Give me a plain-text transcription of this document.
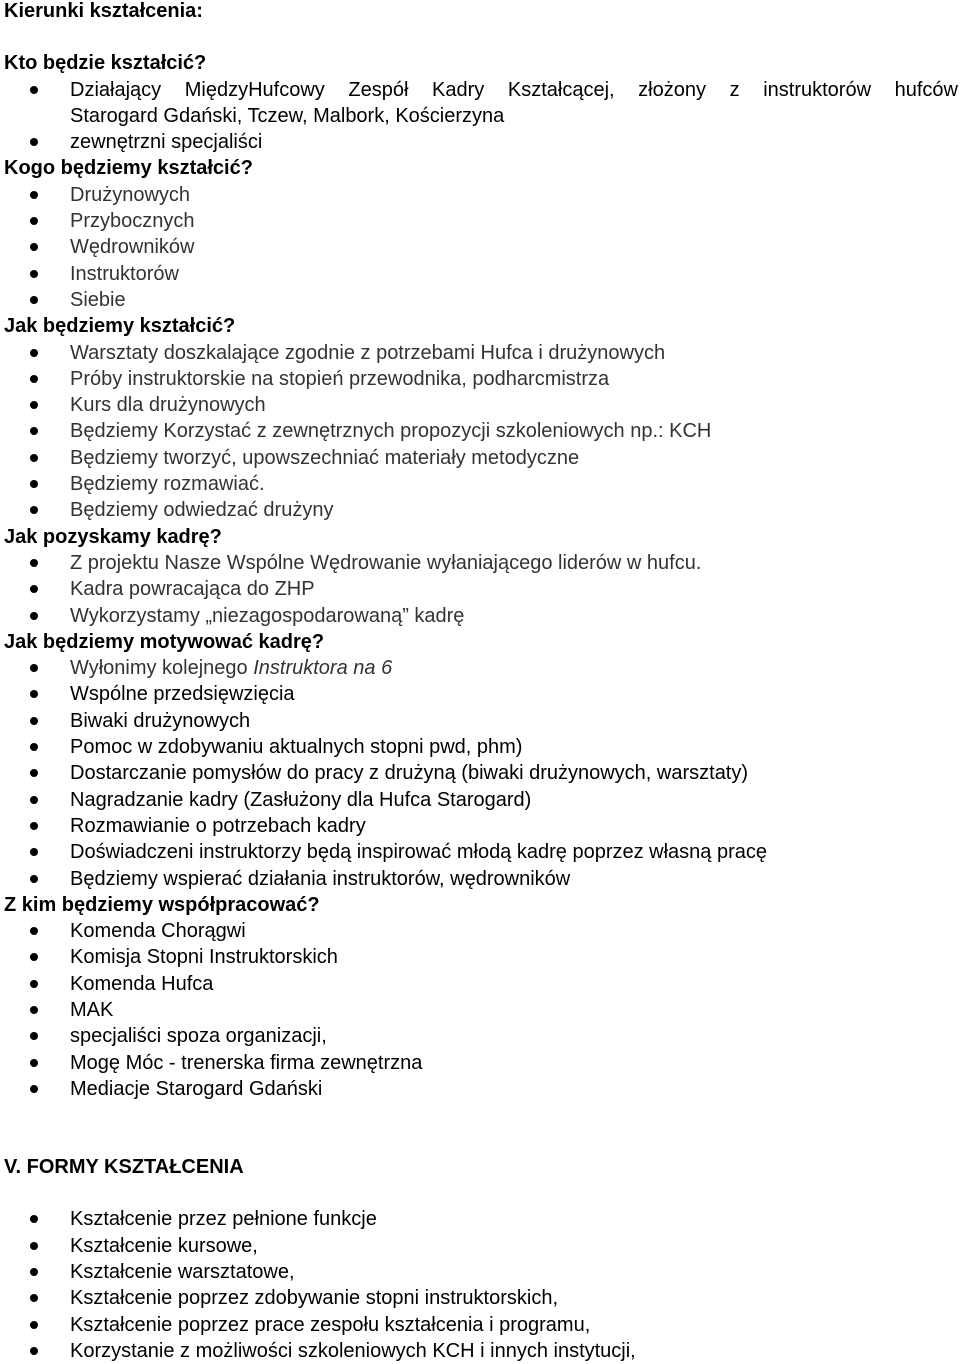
Kierunki kształcenia:

Kto będzie kształcić?

Działający MiędzyHufcowy Zespół Kadry Kształcącej, złożony z instruktorów hufców
Starogard Gdański, Tczew, Malbork, Kościerzyna
zewnętrzni specjaliści

Kogo będziemy kształcić?

Drużynowych
Przybocznych
Wędrowników
Instruktorów
Siebie

Jak będziemy kształcić?

Warsztaty doszkalające zgodnie z potrzebami Hufca i drużynowych
Próby instruktorskie na stopień przewodnika, podharcmistrza
Kurs dla drużynowych
Będziemy Korzystać z zewnętrznych propozycji szkoleniowych np.: KCH
Będziemy tworzyć, upowszechniać materiały metodyczne
Będziemy rozmawiać.
Będziemy odwiedzać drużyny

Jak pozyskamy kadrę?

Z projektu Nasze Wspólne Wędrowanie wyłaniającego liderów w hufcu.
Kadra powracająca do ZHP
Wykorzystamy „niezagospodarowaną” kadrę

Jak będziemy motywować kadrę?

Wyłonimy kolejnego Instruktora na 6
Wspólne przedsięwzięcia
Biwaki drużynowych
Pomoc w zdobywaniu aktualnych stopni pwd, phm)
Dostarczanie pomysłów do pracy z drużyną (biwaki drużynowych, warsztaty)
Nagradzanie kadry (Zasłużony dla Hufca Starogard)
Rozmawianie o potrzebach kadry
Doświadczeni instruktorzy będą inspirować młodą kadrę poprzez własną pracę
Będziemy wspierać działania instruktorów, wędrowników

Z kim będziemy współpracować?

Komenda Chorągwi
Komisja Stopni Instruktorskich
Komenda Hufca
MAK
specjaliści spoza organizacji,
Mogę Móc - trenerska firma zewnętrzna
Mediacje Starogard Gdański

V. FORMY KSZTAŁCENIA

Kształcenie przez pełnione funkcje
Kształcenie kursowe,
Kształcenie warsztatowe,
Kształcenie poprzez zdobywanie stopni instruktorskich,
Kształcenie poprzez prace zespołu kształcenia i programu,
Korzystanie z możliwości szkoleniowych KCH i innych instytucji,
